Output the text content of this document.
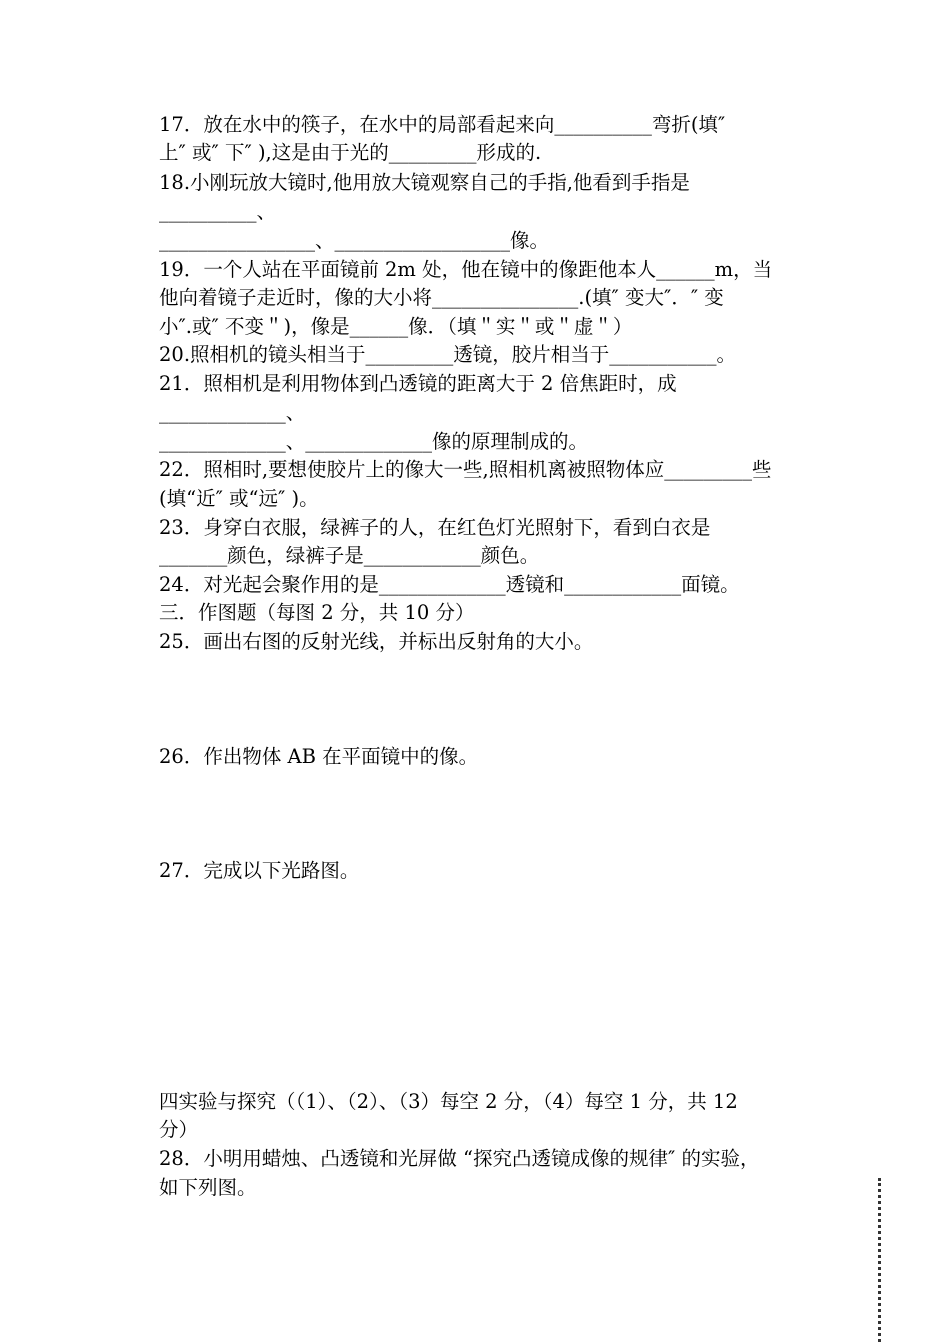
17．放在水中的筷子，在水中的局部看起来向__________弯折(填″
上″ 或″ 下″ ),这是由于光的_________形成的.
18.小刚玩放大镜时,他用放大镜观察自己的手指,他看到手指是
__________、
________________、__________________像。
19．一个人站在平面镜前 2m 处，他在镜中的像距他本人______m，当
他向着镜子走近时，像的大小将_______________.(填″ 变大″．″ 变
小″.或″ 不变＂)，像是______像．（填＂实＂或＂虚＂）
20.照相机的镜头相当于_________透镜，胶片相当于___________。
21．照相机是利用物体到凸透镜的距离大于 2 倍焦距时，成
_____________、
_____________、_____________像的原理制成的。
22．照相时,要想使胶片上的像大一些,照相机离被照物体应_________些
(填“近″ 或“远″ )。
23．身穿白衣服，绿裤子的人，在红色灯光照射下，看到白衣是
_______颜色，绿裤子是____________颜色。
24．对光起会聚作用的是_____________透镜和____________面镜。
三．作图题（每图 2 分，共 10 分）
25．画出右图的反射光线，并标出反射角的大小。
26．作出物体 AB 在平面镜中的像。
27．完成以下光路图。
四实验与探究（（1）、（2）、（3）每空 2 分，（4）每空 1 分，共 12
分）
28．小明用蜡烛、凸透镜和光屏做 “探究凸透镜成像的规律″ 的实验，
如下列图。
